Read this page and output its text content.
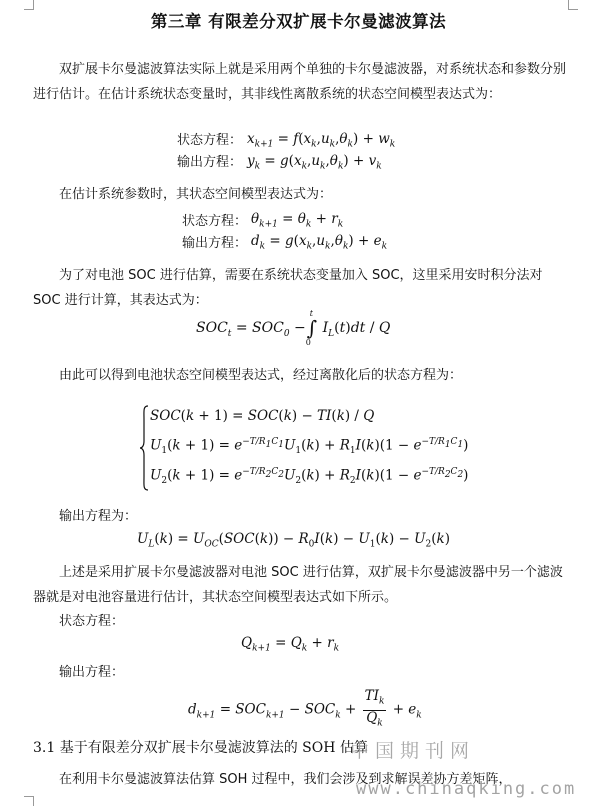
第三章 有限差分双扩展卡尔曼滤波算法
双扩展卡尔曼滤波算法实际上就是采用两个单独的卡尔曼滤波器，对系统状态和参数分别进行估计。在估计系统状态变量时，其非线性离散系统的状态空间模型表达式为：
状态方程： $x_{k+1} = f(x_k,u_k,\theta_k) + w_k$
输出方程： $y_k = g(x_k,u_k,\theta_k) + v_k$
在估计系统参数时，其状态空间模型表达式为：
状态方程： $\theta_{k+1} = \theta_k + r_k$
输出方程： $d_k = g(x_k,u_k,\theta_k) + e_k$
为了对电池 SOC 进行估算，需要在系统状态变量加入 SOC，这里采用安时积分法对 SOC 进行计算，其表达式为：
$SOC_t = SOC_0$ −∫
t
0
$I_L(t)dt$ / Q
由此可以得到电池状态空间模型表达式，经过离散化后的状态方程为：
SOC(k + 1) = SOC(k) − TI(k) / Q
$U_1(k + 1) = e^{-T/R_1C_1}U_1(k) + R_1I(k)(1 - e^{-T/R_1C_1})$
$U_2(k + 1) = e^{-T/R_2C_2}U_2(k) + R_2I(k)(1 - e^{-T/R_2C_2})$
输出方程为：
$U_L(k) = U_{OC}(SOC(k)) - R_0I(k) - U_1(k) - U_2(k)$
上述是采用扩展卡尔曼滤波器对电池 SOC 进行估算，双扩展卡尔曼滤波器中另一个滤波器就是对电池容量进行估计，其状态空间模型表达式如下所示。
状态方程：
$Q_{k+1} = Q_k + r_k$
输出方程：
$d_{k+1} = SOC_{k+1} - SOC_k + \frac{TI_k}{Q_k} + e_k$
3.1 基于有限差分双扩展卡尔曼滤波算法的 SOH 估算
在利用卡尔曼滤波算法估算 SOH 过程中，我们会涉及到求解误差协方差矩阵，
中国期刊网
www.chinaqking.com
